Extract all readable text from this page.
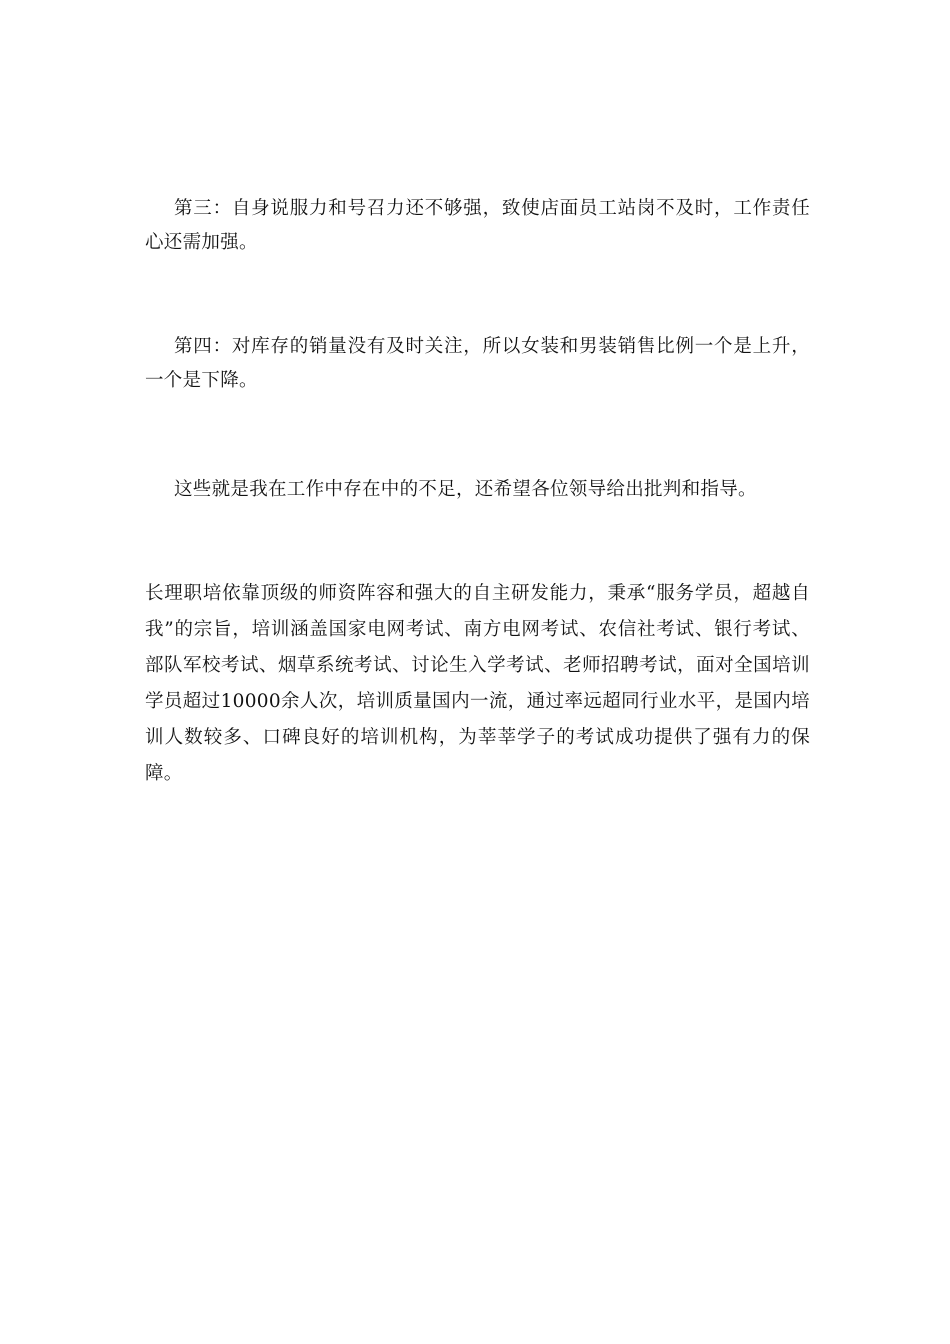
第三：自身说服力和号召力还不够强，致使店面员工站岗不及时，工作责任心还需加强。

第四：对库存的销量没有及时关注，所以女装和男装销售比例一个是上升，一个是下降。

这些就是我在工作中存在中的不足，还希望各位领导给出批判和指导。

长理职培依靠顶级的师资阵容和强大的自主研发能力，秉承“服务学员，超越自我”的宗旨，培训涵盖国家电网考试、南方电网考试、农信社考试、银行考试、部队军校考试、烟草系统考试、讨论生入学考试、老师招聘考试，面对全国培训学员超过10000余人次，培训质量国内一流，通过率远超同行业水平，是国内培训人数较多、口碑良好的培训机构，为莘莘学子的考试成功提供了强有力的保障。
